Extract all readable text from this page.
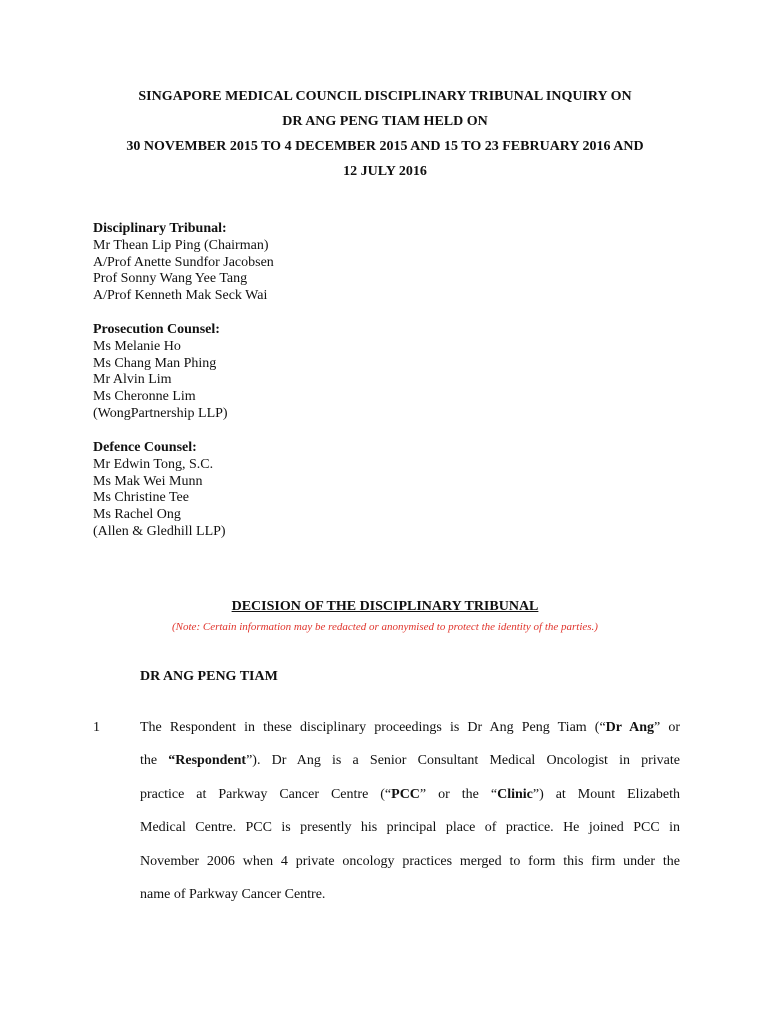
SINGAPORE MEDICAL COUNCIL DISCIPLINARY TRIBUNAL INQUIRY ON
DR ANG PENG TIAM HELD ON
30 NOVEMBER 2015 TO 4 DECEMBER 2015 AND 15 TO 23 FEBRUARY 2016 AND
12 JULY 2016
Disciplinary Tribunal:
Mr Thean Lip Ping (Chairman)
A/Prof Anette Sundfor Jacobsen
Prof Sonny Wang Yee Tang
A/Prof Kenneth Mak Seck Wai
Prosecution Counsel:
Ms Melanie Ho
Ms Chang Man Phing
Mr Alvin Lim
Ms Cheronne Lim
(WongPartnership LLP)
Defence Counsel:
Mr Edwin Tong, S.C.
Ms Mak Wei Munn
Ms Christine Tee
Ms Rachel Ong
(Allen & Gledhill LLP)
DECISION OF THE DISCIPLINARY TRIBUNAL
(Note: Certain information may be redacted or anonymised to protect the identity of the parties.)
DR ANG PENG TIAM
1	The Respondent in these disciplinary proceedings is Dr Ang Peng Tiam (“Dr Ang” or
the “Respondent”). Dr Ang is a Senior Consultant Medical Oncologist in private
practice at Parkway Cancer Centre (“PCC” or the “Clinic”) at Mount Elizabeth
Medical Centre. PCC is presently his principal place of practice. He joined PCC in
November 2006 when 4 private oncology practices merged to form this firm under the
name of Parkway Cancer Centre.
